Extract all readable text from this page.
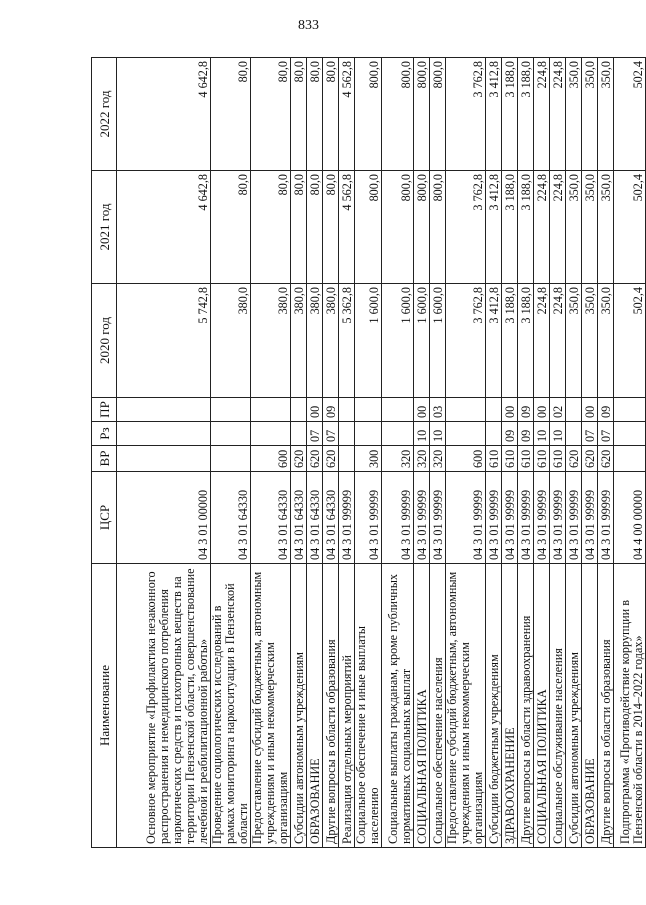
833
Наименование	ЦСР	ВР	Рз	ПР	2020 год	2021 год	2022 год
Основное мероприятие «Профилактика незаконного распространения и немедицинского потребления наркотических средств и психотропных веществ на территории Пензенской области, совершенствование лечебной и реабилитационной работы»	04 3 01 00000				5 742,8	4 642,8	4 642,8
Проведение социологических исследований в рамках мониторинга наркоситуации в Пензенской области	04 3 01 64330				380,0	80,0	80,0
Предоставление субсидий бюджетным, автономным учреждениям и иным некоммерческим организациям	04 3 01 64330	600			380,0	80,0	80,0
Субсидии автономным учреждениям	04 3 01 64330	620			380,0	80,0	80,0
ОБРАЗОВАНИЕ	04 3 01 64330	620	07	00	380,0	80,0	80,0
Другие вопросы в области образования	04 3 01 64330	620	07	09	380,0	80,0	80,0
Реализация отдельных мероприятий	04 3 01 99999				5 362,8	4 562,8	4 562,8
Социальное обеспечение и иные выплаты населению	04 3 01 99999	300			1 600,0	800,0	800,0
Социальные выплаты гражданам, кроме публичных нормативных социальных выплат	04 3 01 99999	320			1 600,0	800,0	800,0
СОЦИАЛЬНАЯ ПОЛИТИКА	04 3 01 99999	320	10	00	1 600,0	800,0	800,0
Социальное обеспечение населения	04 3 01 99999	320	10	03	1 600,0	800,0	800,0
Предоставление субсидий бюджетным, автономным учреждениям и иным некоммерческим организациям	04 3 01 99999	600			3 762,8	3 762,8	3 762,8
Субсидии бюджетным учреждениям	04 3 01 99999	610			3 412,8	3 412,8	3 412,8
ЗДРАВООХРАНЕНИЕ	04 3 01 99999	610	09	00	3 188,0	3 188,0	3 188,0
Другие вопросы в области здравоохранения	04 3 01 99999	610	09	09	3 188,0	3 188,0	3 188,0
СОЦИАЛЬНАЯ ПОЛИТИКА	04 3 01 99999	610	10	00	224,8	224,8	224,8
Социальное обслуживание населения	04 3 01 99999	610	10	02	224,8	224,8	224,8
Субсидии автономным учреждениям	04 3 01 99999	620			350,0	350,0	350,0
ОБРАЗОВАНИЕ	04 3 01 99999	620	07	00	350,0	350,0	350,0
Другие вопросы в области образования	04 3 01 99999	620	07	09	350,0	350,0	350,0
Подпрограмма «Противодействие коррупции в Пензенской области в 2014–2022 годах»	04 4 00 00000				502,4	502,4	502,4
